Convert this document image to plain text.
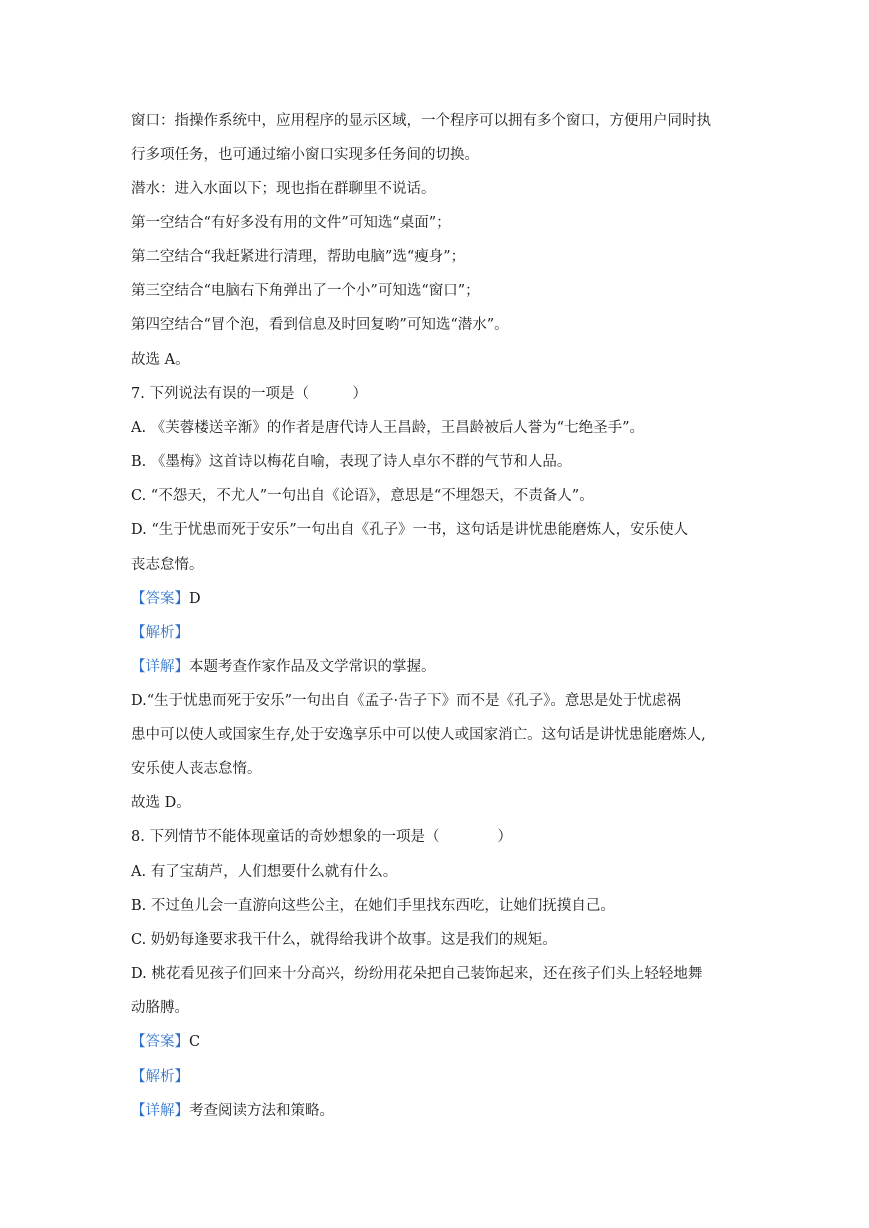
窗口：指操作系统中，应用程序的显示区域，一个程序可以拥有多个窗口，方便用户同时执
行多项任务，也可通过缩小窗口实现多任务间的切换。
潜水：进入水面以下；现也指在群聊里不说话。
第一空结合“有好多没有用的文件”可知选“桌面”；
第二空结合“我赶紧进行清理，帮助电脑”选“瘦身”；
第三空结合“电脑右下角弹出了一个小”可知选“窗口”；
第四空结合“冒个泡，看到信息及时回复哟”可知选“潜水”。
故选 A。
7. 下列说法有误的一项是（　　　）
A. 《芙蓉楼送辛渐》的作者是唐代诗人王昌龄，王昌龄被后人誉为“七绝圣手”。
B. 《墨梅》这首诗以梅花自喻，表现了诗人卓尔不群的气节和人品。
C. “不怨天，不尤人”一句出自《论语》，意思是“不埋怨天，不责备人”。
D. “生于忧患而死于安乐”一句出自《孔子》一书，这句话是讲忧患能磨炼人，安乐使人
丧志怠惰。
【答案】D
【解析】
【详解】本题考查作家作品及文学常识的掌握。
D.“生于忧患而死于安乐”一句出自《孟子·告子下》而不是《孔子》。意思是处于忧虑祸
患中可以使人或国家生存,处于安逸享乐中可以使人或国家消亡。这句话是讲忧患能磨炼人,
安乐使人丧志怠惰。
故选 D。
8. 下列情节不能体现童话的奇妙想象的一项是（　　　　）
A. 有了宝葫芦，人们想要什么就有什么。
B. 不过鱼儿会一直游向这些公主，在她们手里找东西吃，让她们抚摸自己。
C. 奶奶每逢要求我干什么，就得给我讲个故事。这是我们的规矩。
D. 桃花看见孩子们回来十分高兴，纷纷用花朵把自己装饰起来，还在孩子们头上轻轻地舞
动胳膊。
【答案】C
【解析】
【详解】考查阅读方法和策略。
